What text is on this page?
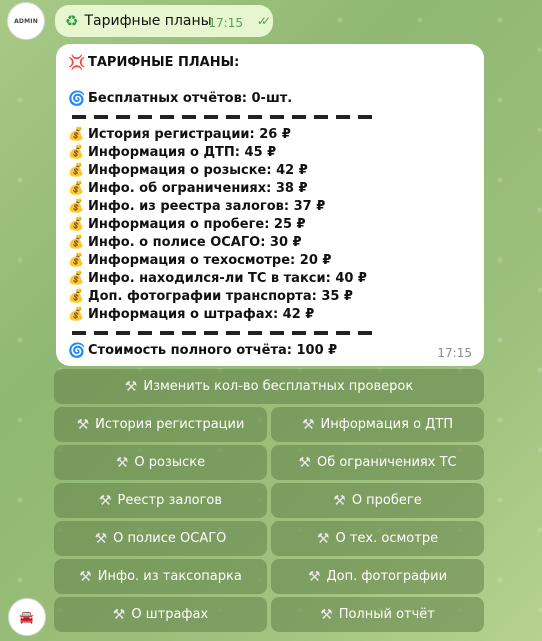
ADMIN ♻ Тарифные планы
17:15 ✓✓
💢 ТАРИФНЫЕ ПЛАНЫ:
🌀 Бесплатных отчётов: 0-шт.
💰 История регистрации: 26 ₽
💰 Информация о ДТП: 45 ₽
💰 Информация о розыске: 42 ₽
💰 Инфо. об ограничениях: 38 ₽
💰 Инфо. из реестра залогов: 37 ₽
💰 Информация о пробеге: 25 ₽
💰 Инфо. о полисе ОСАГО: 30 ₽
💰 Информация о техосмотре: 20 ₽
💰 Инфо. находился-ли ТС в такси: 40 ₽
💰 Доп. фотографии транспорта: 35 ₽
💰 Информация о штрафах: 42 ₽
🌀 Стоимость полного отчёта: 100 ₽	17:15
⚒ Изменить кол-во бесплатных проверок
⚒ История регистрации	⚒ Информация о ДТП
⚒ О розыске	⚒ Об ограничениях ТС
⚒ Реестр залогов	⚒ О пробеге
⚒ О полисе ОСАГО	⚒ О тех. осмотре
⚒ Инфо. из таксопарка	⚒ Доп. фотографии
⚒ О штрафах	⚒ Полный отчёт
🚘
